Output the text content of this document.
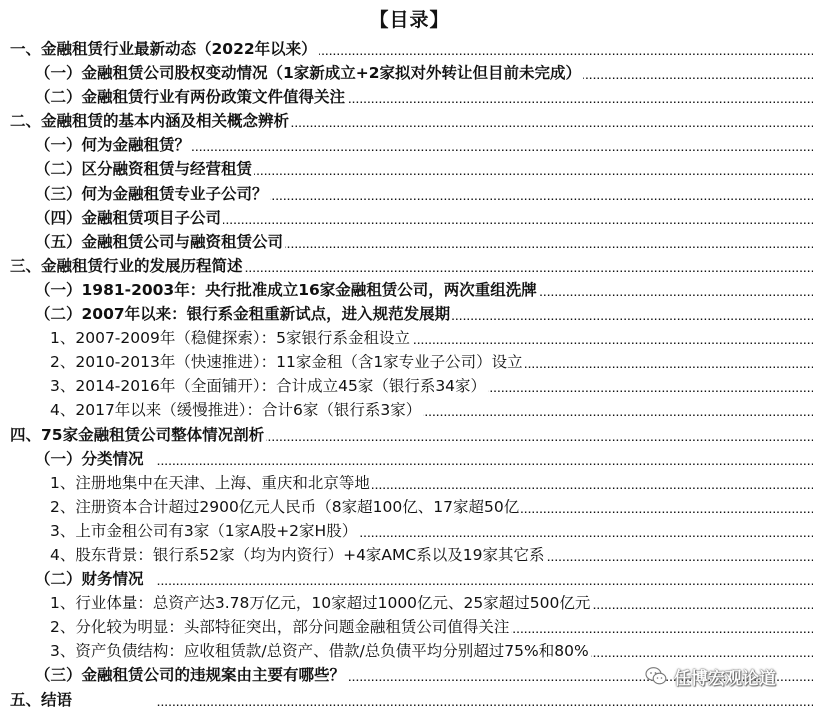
【目录】
· · ·
一、金融租赁行业最新动态（2022年以来）
· · ·
（一）金融租赁公司股权变动情况（1家新成立+2家拟对外转让但目前未完成）
· · ·
（二）金融租赁行业有两份政策文件值得关注
· · ·
二、金融租赁的基本内涵及相关概念辨析
· · ·
（一）何为金融租赁？
· · ·
（二）区分融资租赁与经营租赁
· · ·
（三）何为金融租赁专业子公司？
· · ·
（四）金融租赁项目子公司
· · ·
（五）金融租赁公司与融资租赁公司
· · ·
三、金融租赁行业的发展历程简述
· · ·
（一）1981-2003年：央行批准成立16家金融租赁公司，两次重组洗牌
· · ·
（二）2007年以来：银行系金租重新试点，进入规范发展期
· · ·
1、2007-2009年（稳健探索）：5家银行系金租设立
· · ·
2、2010-2013年（快速推进）：11家金租（含1家专业子公司）设立
· · ·
3、2014-2016年（全面铺开）：合计成立45家（银行系34家）
· · ·
4、2017年以来（缓慢推进）：合计6家（银行系3家）
· · ·
四、75家金融租赁公司整体情况剖析
· · ·
（一）分类情况
· · ·
1、注册地集中在天津、上海、重庆和北京等地
· · ·
2、注册资本合计超过2900亿元人民币（8家超100亿、17家超50亿
· · ·
3、上市金租公司有3家（1家A股+2家H股）
· · ·
4、股东背景：银行系52家（均为内资行）+4家AMC系以及19家其它系
· · ·
（二）财务情况
· · ·
1、行业体量：总资产达3.78万亿元，10家超过1000亿元、25家超过500亿元
· · ·
2、分化较为明显：头部特征突出，部分问题金融租赁公司值得关注
· · ·
3、资产负债结构：应收租赁款/总资产、借款/总负债平均分别超过75%和80%
· · ·
（三）金融租赁公司的违规案由主要有哪些？
· · ·
五、结语
任博宏观论道
